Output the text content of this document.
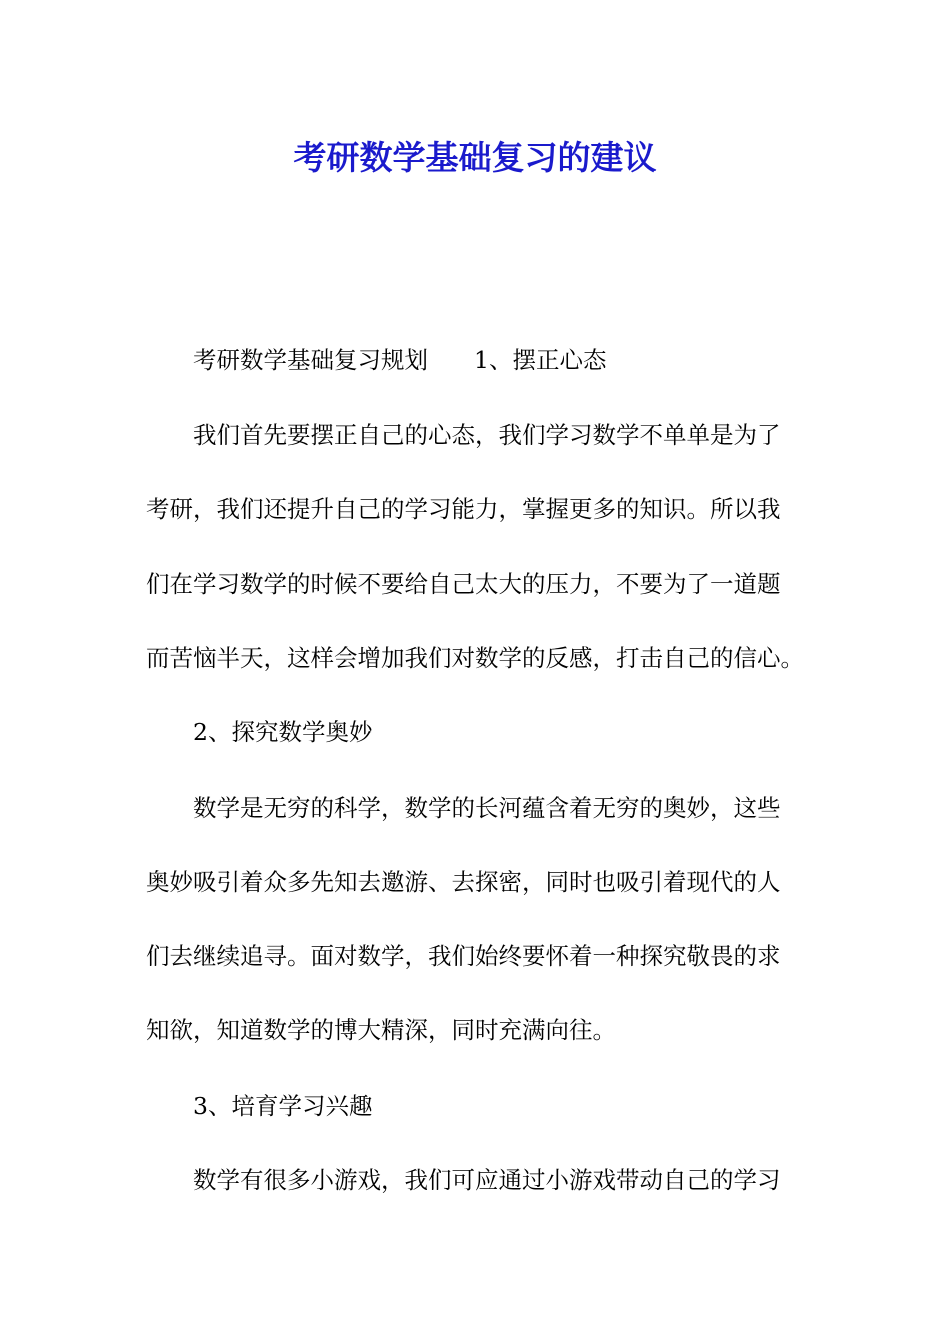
考研数学基础复习的建议
考研数学基础复习规划 1、摆正心态
我们首先要摆正自己的心态，我们学习数学不单单是为了
考研，我们还提升自己的学习能力，掌握更多的知识。所以我
们在学习数学的时候不要给自己太大的压力，不要为了一道题
而苦恼半天，这样会增加我们对数学的反感，打击自己的信心。
2、探究数学奥妙
数学是无穷的科学，数学的长河蕴含着无穷的奥妙，这些
奥妙吸引着众多先知去邀游、去探密，同时也吸引着现代的人
们去继续追寻。面对数学，我们始终要怀着一种探究敬畏的求
知欲，知道数学的博大精深，同时充满向往。
3、培育学习兴趣
数学有很多小游戏，我们可应通过小游戏带动自己的学习
